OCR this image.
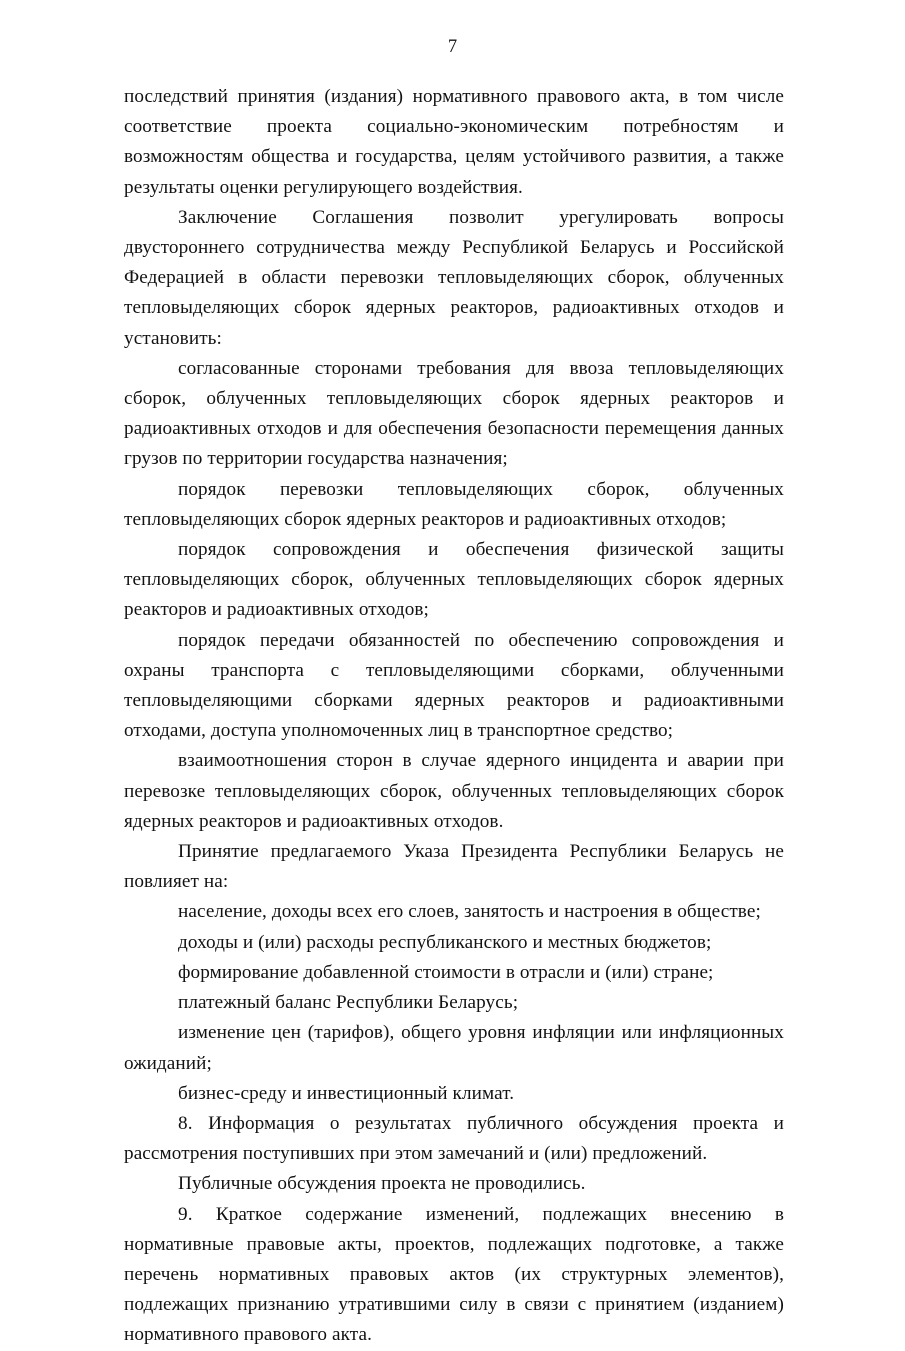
7

последствий принятия (издания) нормативного правового акта, в том числе соответствие проекта социально-экономическим потребностям и возможностям общества и государства, целям устойчивого развития, а также результаты оценки регулирующего воздействия.

Заключение Соглашения позволит урегулировать вопросы двустороннего сотрудничества между Республикой Беларусь и Российской Федерацией в области перевозки тепловыделяющих сборок, облученных тепловыделяющих сборок ядерных реакторов, радиоактивных отходов и установить:

согласованные сторонами требования для ввоза тепловыделяющих сборок, облученных тепловыделяющих сборок ядерных реакторов и радиоактивных отходов и для обеспечения безопасности перемещения данных грузов по территории государства назначения;

порядок перевозки тепловыделяющих сборок, облученных тепловыделяющих сборок ядерных реакторов и радиоактивных отходов;

порядок сопровождения и обеспечения физической защиты тепловыделяющих сборок, облученных тепловыделяющих сборок ядерных реакторов и радиоактивных отходов;

порядок передачи обязанностей по обеспечению сопровождения и охраны транспорта с тепловыделяющими сборками, облученными тепловыделяющими сборками ядерных реакторов и радиоактивными отходами, доступа уполномоченных лиц в транспортное средство;

взаимоотношения сторон в случае ядерного инцидента и аварии при перевозке тепловыделяющих сборок, облученных тепловыделяющих сборок ядерных реакторов и радиоактивных отходов.

Принятие предлагаемого Указа Президента Республики Беларусь не повлияет на:

население, доходы всех его слоев, занятость и настроения в обществе;

доходы и (или) расходы республиканского и местных бюджетов;

формирование добавленной стоимости в отрасли и (или) стране;

платежный баланс Республики Беларусь;

изменение цен (тарифов), общего уровня инфляции или инфляционных ожиданий;

бизнес-среду и инвестиционный климат.

8. Информация о результатах публичного обсуждения проекта и рассмотрения поступивших при этом замечаний и (или) предложений.

Публичные обсуждения проекта не проводились.

9. Краткое содержание изменений, подлежащих внесению в нормативные правовые акты, проектов, подлежащих подготовке, а также перечень нормативных правовых актов (их структурных элементов), подлежащих признанию утратившими силу в связи с принятием (изданием) нормативного правового акта.
